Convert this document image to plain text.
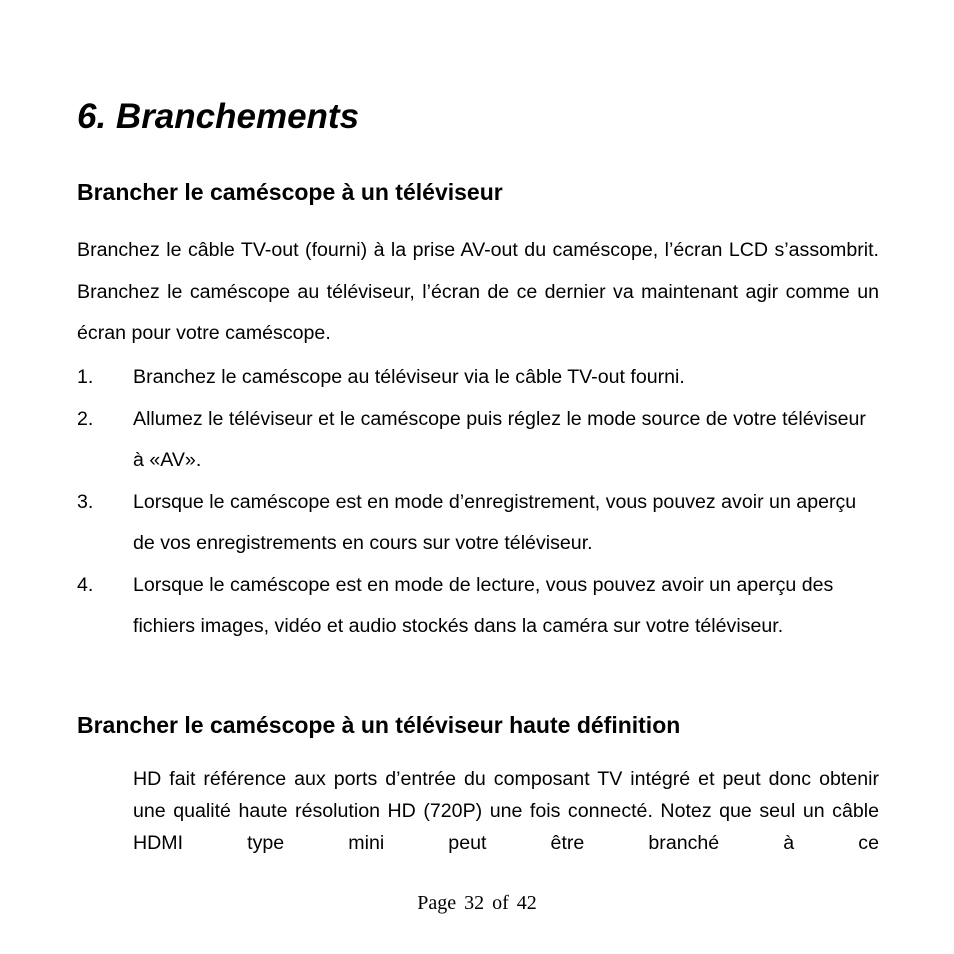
6. Branchements
Brancher le caméscope à un téléviseur

Branchez le câble TV-out (fourni) à la prise AV-out du caméscope, l’écran LCD s’assombrit. Branchez le caméscope au téléviseur, l’écran de ce dernier va maintenant agir comme un écran pour votre caméscope.

1. Branchez le caméscope au téléviseur via le câble TV-out fourni.
2. Allumez le téléviseur et le caméscope puis réglez le mode source de votre téléviseur à «AV».
3. Lorsque le caméscope est en mode d’enregistrement, vous pouvez avoir un aperçu de vos enregistrements en cours sur votre téléviseur.
4. Lorsque le caméscope est en mode de lecture, vous pouvez avoir un aperçu des fichiers images, vidéo et audio stockés dans la caméra sur votre téléviseur.
Brancher le caméscope à un téléviseur haute définition

HD fait référence aux ports d’entrée du composant TV intégré et peut donc obtenir une qualité haute résolution HD (720P) une fois connecté. Notez que seul un câble HDMI type mini peut être branché à ce

Page 32 of 42
